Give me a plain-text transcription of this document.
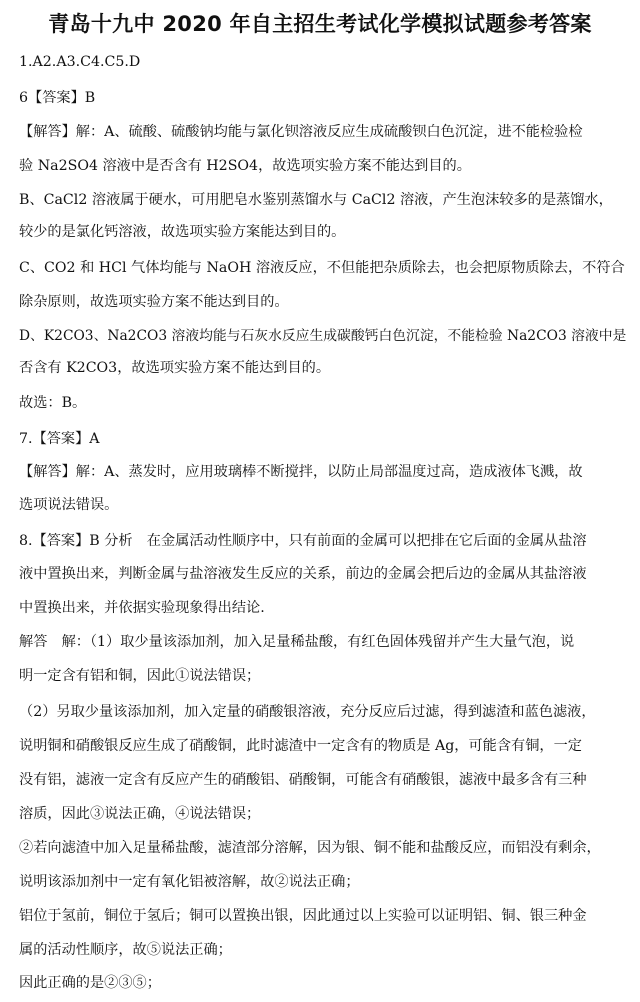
青岛十九中 2020 年自主招生考试化学模拟试题参考答案
1.A2.A3.C4.C5.D
6【答案】B
【解答】解：A、硫酸、硫酸钠均能与氯化钡溶液反应生成硫酸钡白色沉淀，进不能检验检
验 Na2SO4 溶液中是否含有 H2SO4，故选项实验方案不能达到目的。
B、CaCl2 溶液属于硬水，可用肥皂水鉴别蒸馏水与 CaCl2 溶液，产生泡沫较多的是蒸馏水，
较少的是氯化钙溶液，故选项实验方案能达到目的。
C、CO2 和 HCl 气体均能与 NaOH 溶液反应，不但能把杂质除去，也会把原物质除去，不符合
除杂原则，故选项实验方案不能达到目的。
D、K2CO3、Na2CO3 溶液均能与石灰水反应生成碳酸钙白色沉淀，不能检验 Na2CO3 溶液中是
否含有 K2CO3，故选项实验方案不能达到目的。
故选：B。
7.【答案】A
【解答】解：A、蒸发时，应用玻璃棒不断搅拌，以防止局部温度过高，造成液体飞溅，故
选项说法错误。
8.【答案】B 分析　在金属活动性顺序中，只有前面的金属可以把排在它后面的金属从盐溶
液中置换出来，判断金属与盐溶液发生反应的关系，前边的金属会把后边的金属从其盐溶液
中置换出来，并依据实验现象得出结论.
解答　解：（1）取少量该添加剂，加入足量稀盐酸，有红色固体残留并产生大量气泡，说
明一定含有铝和铜，因此①说法错误；
（2）另取少量该添加剂，加入定量的硝酸银溶液，充分反应后过滤，得到滤渣和蓝色滤液，
说明铜和硝酸银反应生成了硝酸铜，此时滤渣中一定含有的物质是 Ag，可能含有铜，一定
没有铝，滤液一定含有反应产生的硝酸铝、硝酸铜，可能含有硝酸银，滤液中最多含有三种
溶质，因此③说法正确，④说法错误；
②若向滤渣中加入足量稀盐酸，滤渣部分溶解，因为银、铜不能和盐酸反应，而铝没有剩余，
说明该添加剂中一定有氧化铝被溶解，故②说法正确；
铝位于氢前，铜位于氢后；铜可以置换出银，因此通过以上实验可以证明铝、铜、银三种金
属的活动性顺序，故⑤说法正确；
因此正确的是②③⑤；
